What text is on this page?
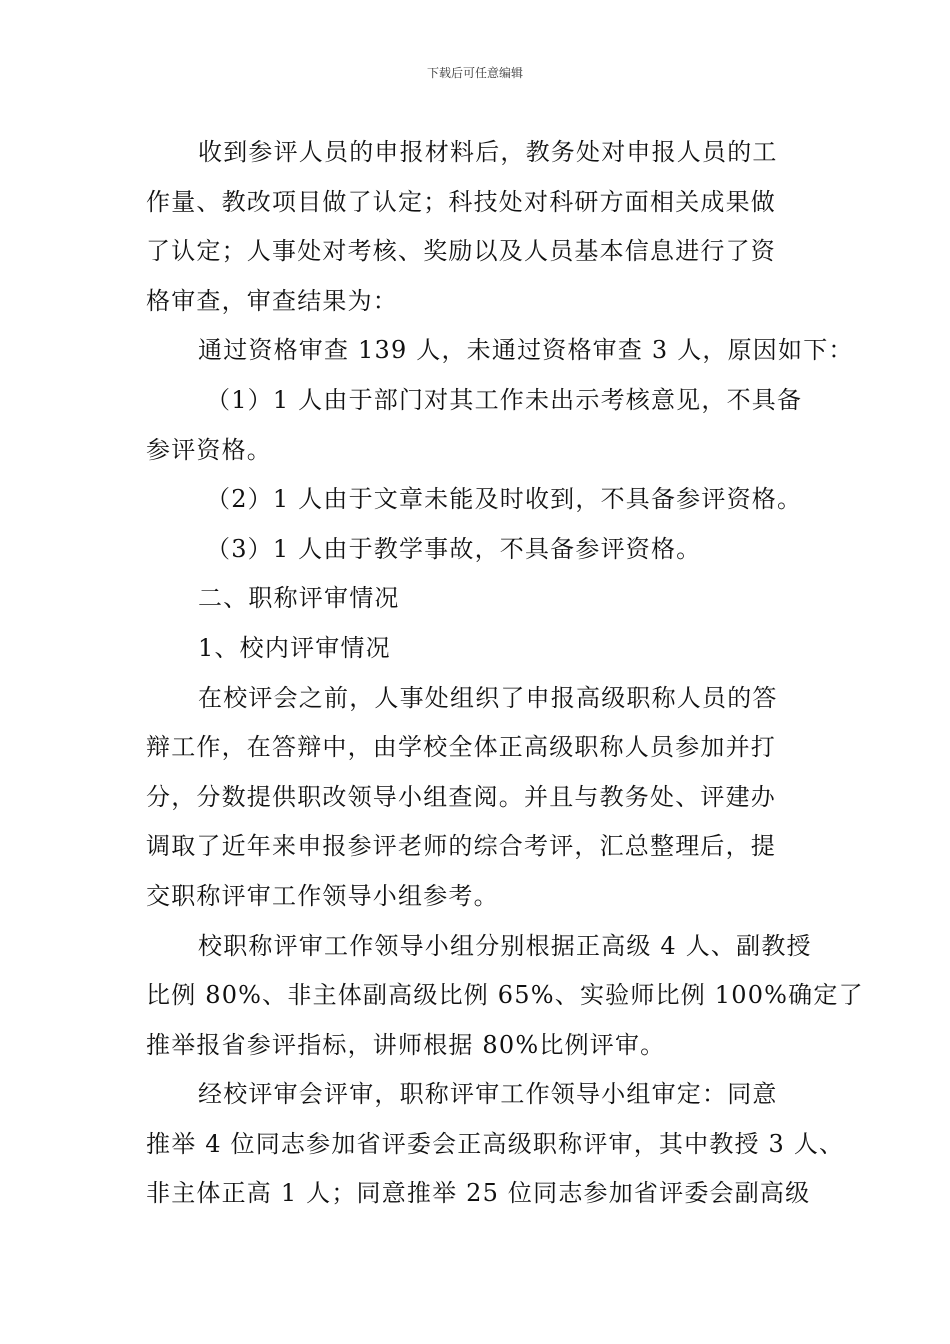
下载后可任意编辑
收到参评人员的申报材料后，教务处对申报人员的工
作量、教改项目做了认定；科技处对科研方面相关成果做
了认定；人事处对考核、奖励以及人员基本信息进行了资
格审查，审查结果为：
通过资格审查 139 人，未通过资格审查 3 人，原因如下：
（1）1 人由于部门对其工作未出示考核意见，不具备
参评资格。
（2）1 人由于文章未能及时收到，不具备参评资格。
（3）1 人由于教学事故，不具备参评资格。
二、职称评审情况
1、校内评审情况
在校评会之前，人事处组织了申报高级职称人员的答
辩工作，在答辩中，由学校全体正高级职称人员参加并打
分，分数提供职改领导小组查阅。并且与教务处、评建办
调取了近年来申报参评老师的综合考评，汇总整理后，提
交职称评审工作领导小组参考。
校职称评审工作领导小组分别根据正高级 4 人、副教授
比例 80%、非主体副高级比例 65%、实验师比例 100%确定了
推举报省参评指标，讲师根据 80%比例评审。
经校评审会评审，职称评审工作领导小组审定：同意
推举 4 位同志参加省评委会正高级职称评审，其中教授 3 人、
非主体正高 1 人；同意推举 25 位同志参加省评委会副高级
